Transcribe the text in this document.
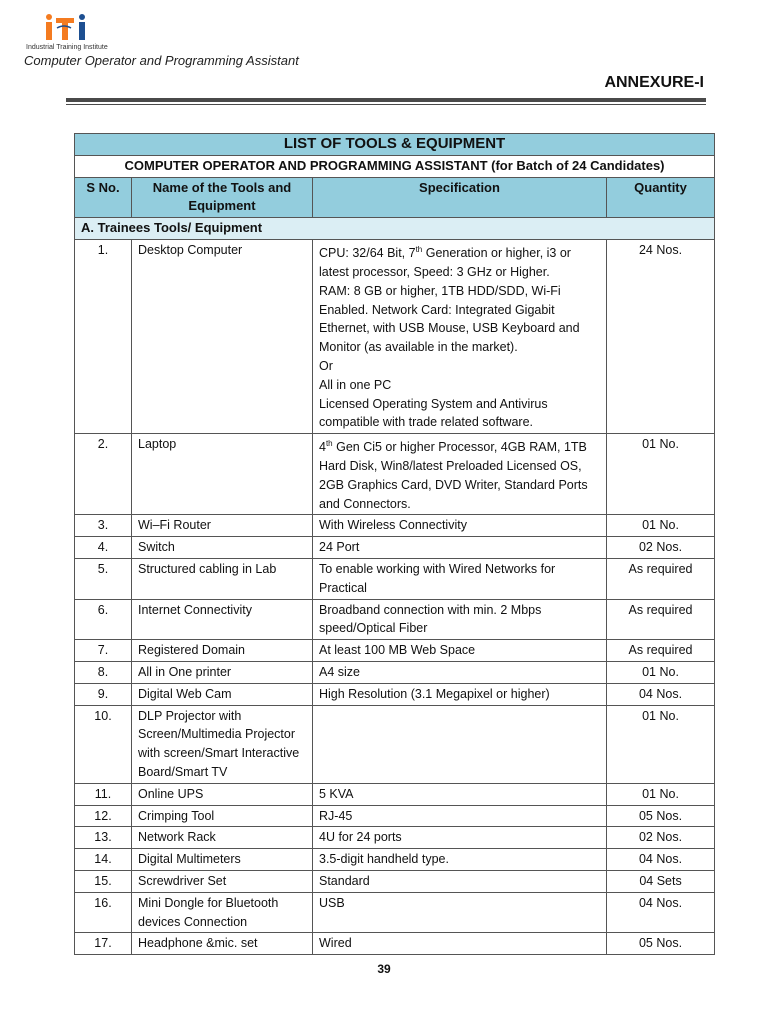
Industrial Training Institute
Computer Operator and Programming Assistant
ANNEXURE-I
LIST OF TOOLS & EQUIPMENT			
COMPUTER OPERATOR AND PROGRAMMING ASSISTANT (for Batch of 24 Candidates)			
S No.	Name of the Tools and Equipment	Specification	Quantity
A. Trainees Tools/ Equipment			
1.	Desktop Computer	CPU: 32/64 Bit, 7th Generation or higher, i3 or latest processor, Speed: 3 GHz or Higher.
RAM: 8 GB or higher, 1TB HDD/SDD, Wi-Fi Enabled. Network Card: Integrated Gigabit Ethernet, with USB Mouse, USB Keyboard and Monitor (as available in the market).
Or
All in one PC
Licensed Operating System and Antivirus compatible with trade related software.	24 Nos.
2.	Laptop	4th Gen Ci5 or higher Processor, 4GB RAM, 1TB Hard Disk, Win8/latest Preloaded Licensed OS, 2GB Graphics Card, DVD Writer, Standard Ports and Connectors.	01 No.
3.	Wi–Fi Router	With Wireless Connectivity	01 No.
4.	Switch	24 Port	02 Nos.
5.	Structured cabling in Lab	To enable working with Wired Networks for Practical	As required
6.	Internet Connectivity	Broadband connection with min. 2 Mbps speed/Optical Fiber	As required
7.	Registered Domain	At least 100 MB Web Space	As required
8.	All in One printer	A4 size	01 No.
9.	Digital Web Cam	High Resolution (3.1 Megapixel or higher)	04 Nos.
10.	DLP Projector with Screen/Multimedia Projector with screen/Smart Interactive Board/Smart TV		01 No.
11.	Online UPS	5 KVA	01 No.
12.	Crimping Tool	RJ-45	05 Nos.
13.	Network Rack	4U for 24 ports	02 Nos.
14.	Digital Multimeters	3.5-digit handheld type.	04 Nos.
15.	Screwdriver Set	Standard	04 Sets
16.	Mini Dongle for Bluetooth devices Connection	USB	04 Nos.
17.	Headphone &mic. set	Wired	05 Nos.
39
